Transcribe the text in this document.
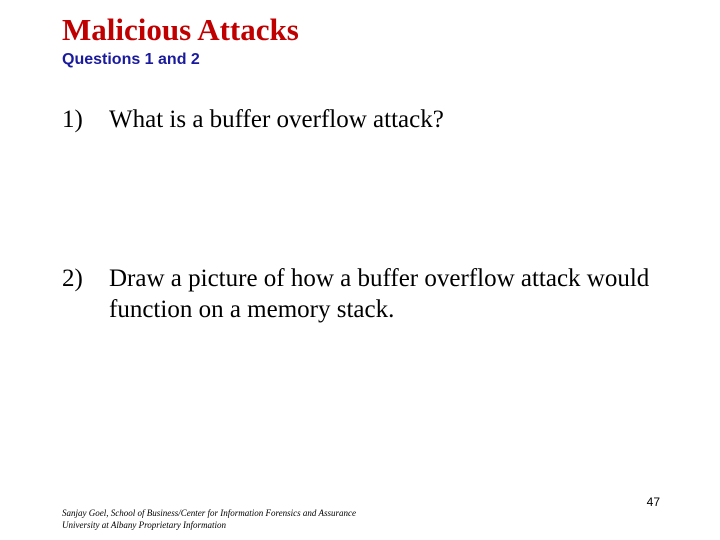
Malicious Attacks
Questions 1 and 2
1)	What is a buffer overflow attack?
2)	Draw a picture of how a buffer overflow attack would function on a memory stack.
Sanjay Goel, School of Business/Center for Information Forensics and Assurance
University at Albany Proprietary Information
47
